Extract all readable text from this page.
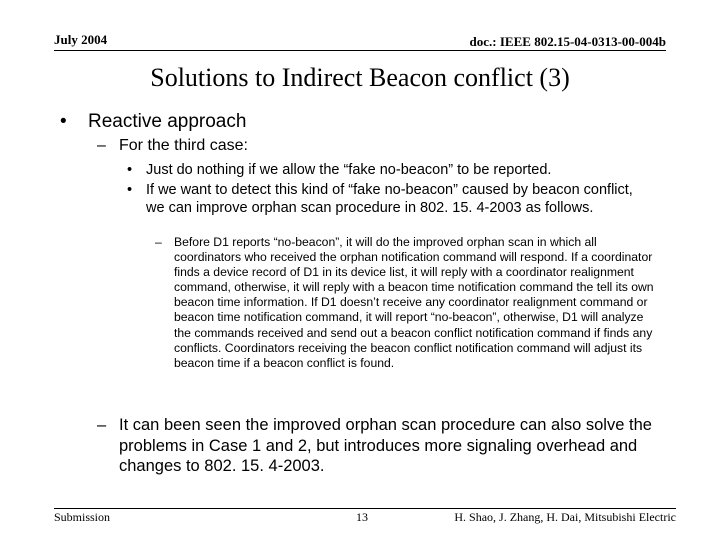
July 2004	doc.: IEEE 802.15-04-0313-00-004b
Solutions to Indirect Beacon conflict (3)
• Reactive approach
– For the third case:
• Just do nothing if we allow the “fake no-beacon” to be reported.
• If we want to detect this kind of “fake no-beacon” caused by beacon conflict, we can improve orphan scan procedure in 802. 15. 4-2003 as follows.
– Before D1 reports “no-beacon”, it will do the improved orphan scan in which all coordinators who received the orphan notification command will respond. If a coordinator finds a device record of D1 in its device list, it will reply with a coordinator realignment command, otherwise, it will reply with a beacon time notification command the tell its own beacon time information. If D1 doesn’t receive any coordinator realignment command or beacon time notification command, it will report “no-beacon”, otherwise, D1 will analyze the commands received and send out a beacon conflict notification command if finds any conflicts. Coordinators receiving the beacon conflict notification command will adjust its beacon time if a beacon conflict is found.
– It can been seen the improved orphan scan procedure can also solve the problems in Case 1 and 2, but introduces more signaling overhead and changes to 802. 15. 4-2003.
Submission	13	H. Shao, J. Zhang, H. Dai, Mitsubishi Electric
